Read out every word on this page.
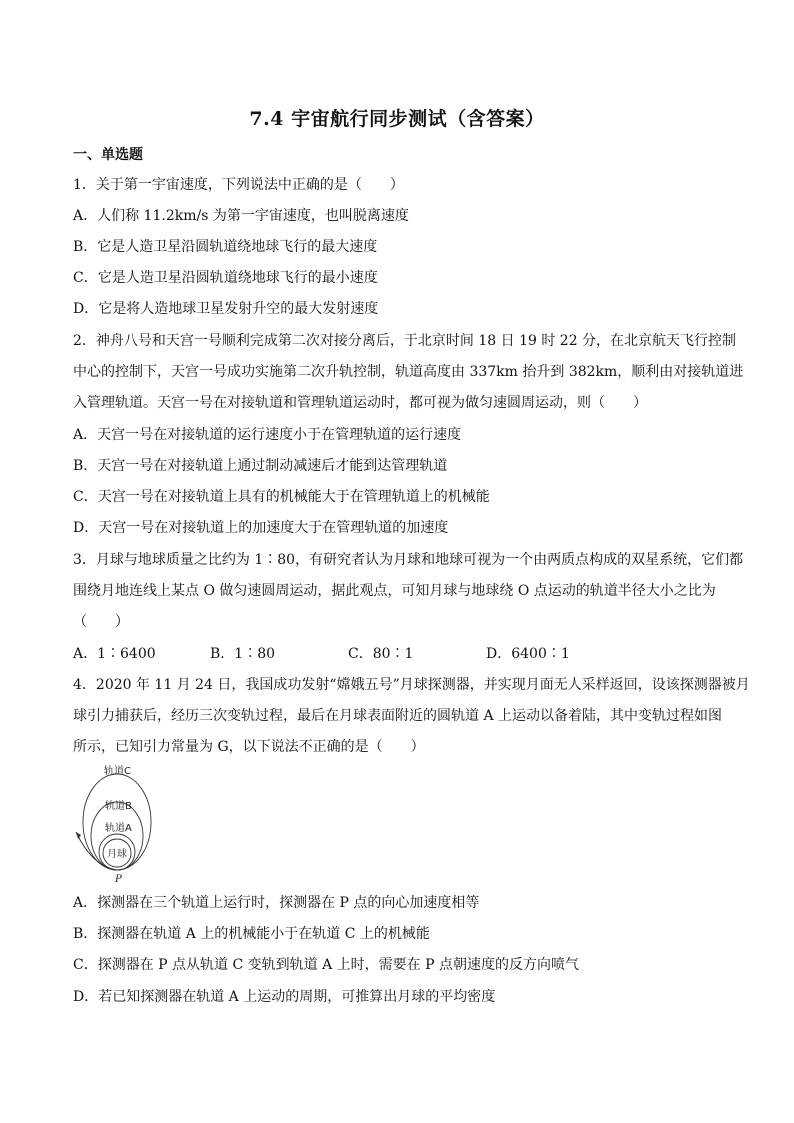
7.4 宇宙航行同步测试（含答案）
一、单选题
1．关于第一宇宙速度，下列说法中正确的是（　　）
A．人们称 11.2km/s 为第一宇宙速度，也叫脱离速度
B．它是人造卫星沿圆轨道绕地球飞行的最大速度
C．它是人造卫星沿圆轨道绕地球飞行的最小速度
D．它是将人造地球卫星发射升空的最大发射速度
2．神舟八号和天宫一号顺利完成第二次对接分离后，于北京时间 18 日 19 时 22 分，在北京航天飞行控制
中心的控制下，天宫一号成功实施第二次升轨控制，轨道高度由 337km 抬升到 382km，顺利由对接轨道进
入管理轨道。天宫一号在对接轨道和管理轨道运动时，都可视为做匀速圆周运动，则（　　）
A．天宫一号在对接轨道的运行速度小于在管理轨道的运行速度
B．天宫一号在对接轨道上通过制动减速后才能到达管理轨道
C．天宫一号在对接轨道上具有的机械能大于在管理轨道上的机械能
D．天宫一号在对接轨道上的加速度大于在管理轨道的加速度
3．月球与地球质量之比约为 1∶80，有研究者认为月球和地球可视为一个由两质点构成的双星系统，它们都
围绕月地连线上某点 O 做匀速圆周运动，据此观点，可知月球与地球绕 O 点运动的轨道半径大小之比为
（　　）
A．1∶6400	B．1∶80	C．80∶1	D．6400∶1
4．2020 年 11 月 24 日，我国成功发射“嫦娥五号”月球探测器，并实现月面无人采样返回，设该探测器被月
球引力捕获后，经历三次变轨过程，最后在月球表面附近的圆轨道 A 上运动以备着陆，其中变轨过程如图
所示，已知引力常量为 G，以下说法不正确的是（　　）
轨道C
轨道B
轨道A
月球
P
A．探测器在三个轨道上运行时，探测器在 P 点的向心加速度相等
B．探测器在轨道 A 上的机械能小于在轨道 C 上的机械能
C．探测器在 P 点从轨道 C 变轨到轨道 A 上时，需要在 P 点朝速度的反方向喷气
D．若已知探测器在轨道 A 上运动的周期，可推算出月球的平均密度
